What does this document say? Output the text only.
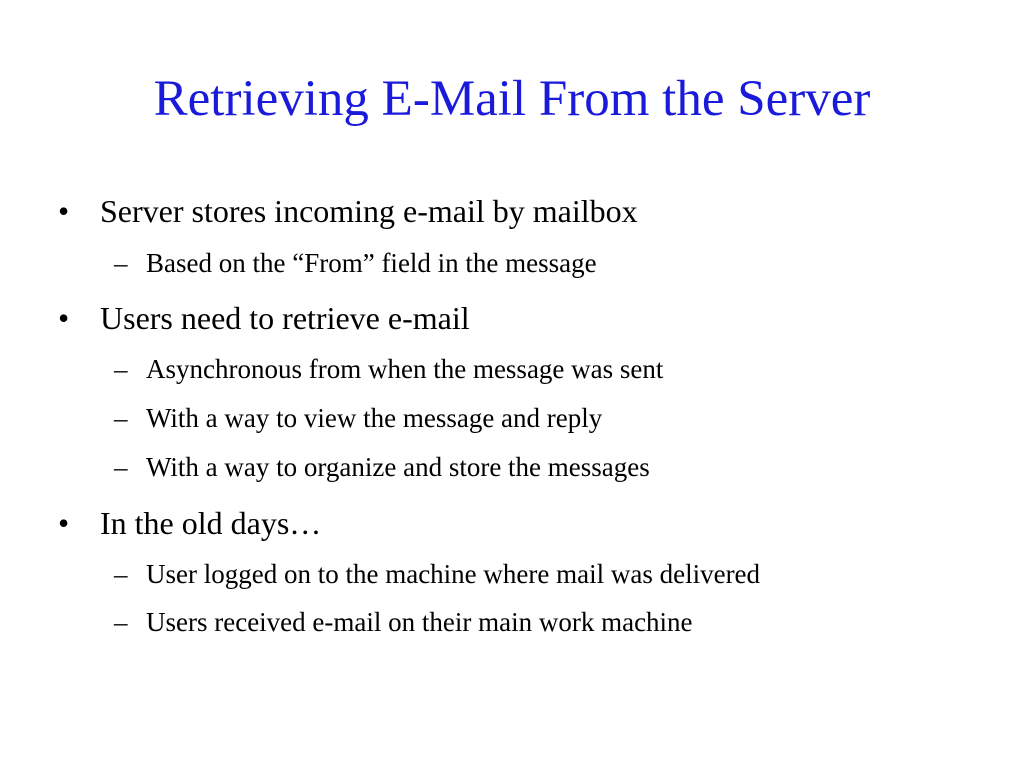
Retrieving E-Mail From the Server
• Server stores incoming e-mail by mailbox
– Based on the “From” field in the message
• Users need to retrieve e-mail
– Asynchronous from when the message was sent
– With a way to view the message and reply
– With a way to organize and store the messages
• In the old days…
– User logged on to the machine where mail was delivered
– Users received e-mail on their main work machine
